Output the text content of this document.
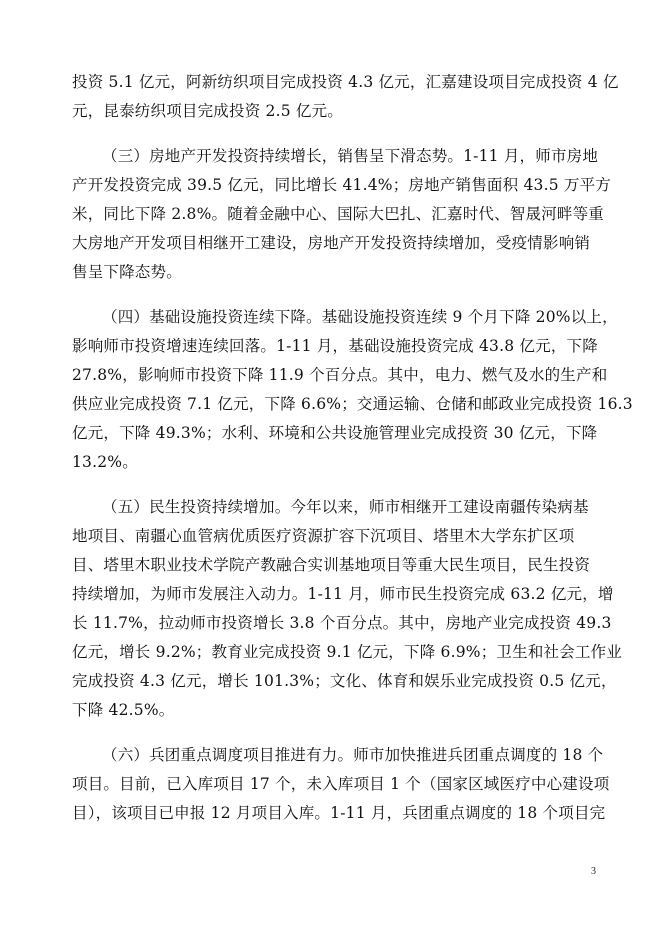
投资 5.1 亿元，阿新纺织项目完成投资 4.3 亿元，汇嘉建设项目完成投资 4 亿
元，昆泰纺织项目完成投资 2.5 亿元。
（三）房地产开发投资持续增长，销售呈下滑态势。1-11 月，师市房地
产开发投资完成 39.5 亿元，同比增长 41.4%；房地产销售面积 43.5 万平方
米，同比下降 2.8%。随着金融中心、国际大巴扎、汇嘉时代、智晟河畔等重
大房地产开发项目相继开工建设，房地产开发投资持续增加，受疫情影响销
售呈下降态势。
（四）基础设施投资连续下降。基础设施投资连续 9 个月下降 20%以上，
影响师市投资增速连续回落。1-11 月，基础设施投资完成 43.8 亿元，下降
27.8%，影响师市投资下降 11.9 个百分点。其中，电力、燃气及水的生产和
供应业完成投资 7.1 亿元，下降 6.6%；交通运输、仓储和邮政业完成投资 16.3
亿元，下降 49.3%；水利、环境和公共设施管理业完成投资 30 亿元，下降
13.2%。
（五）民生投资持续增加。今年以来，师市相继开工建设南疆传染病基
地项目、南疆心血管病优质医疗资源扩容下沉项目、塔里木大学东扩区项
目、塔里木职业技术学院产教融合实训基地项目等重大民生项目，民生投资
持续增加，为师市发展注入动力。1-11 月，师市民生投资完成 63.2 亿元，增
长 11.7%，拉动师市投资增长 3.8 个百分点。其中，房地产业完成投资 49.3
亿元，增长 9.2%；教育业完成投资 9.1 亿元，下降 6.9%；卫生和社会工作业
完成投资 4.3 亿元，增长 101.3%；文化、体育和娱乐业完成投资 0.5 亿元，
下降 42.5%。
（六）兵团重点调度项目推进有力。师市加快推进兵团重点调度的 18 个
项目。目前，已入库项目 17 个，未入库项目 1 个（国家区域医疗中心建设项
目），该项目已申报 12 月项目入库。1-11 月，兵团重点调度的 18 个项目完
3
